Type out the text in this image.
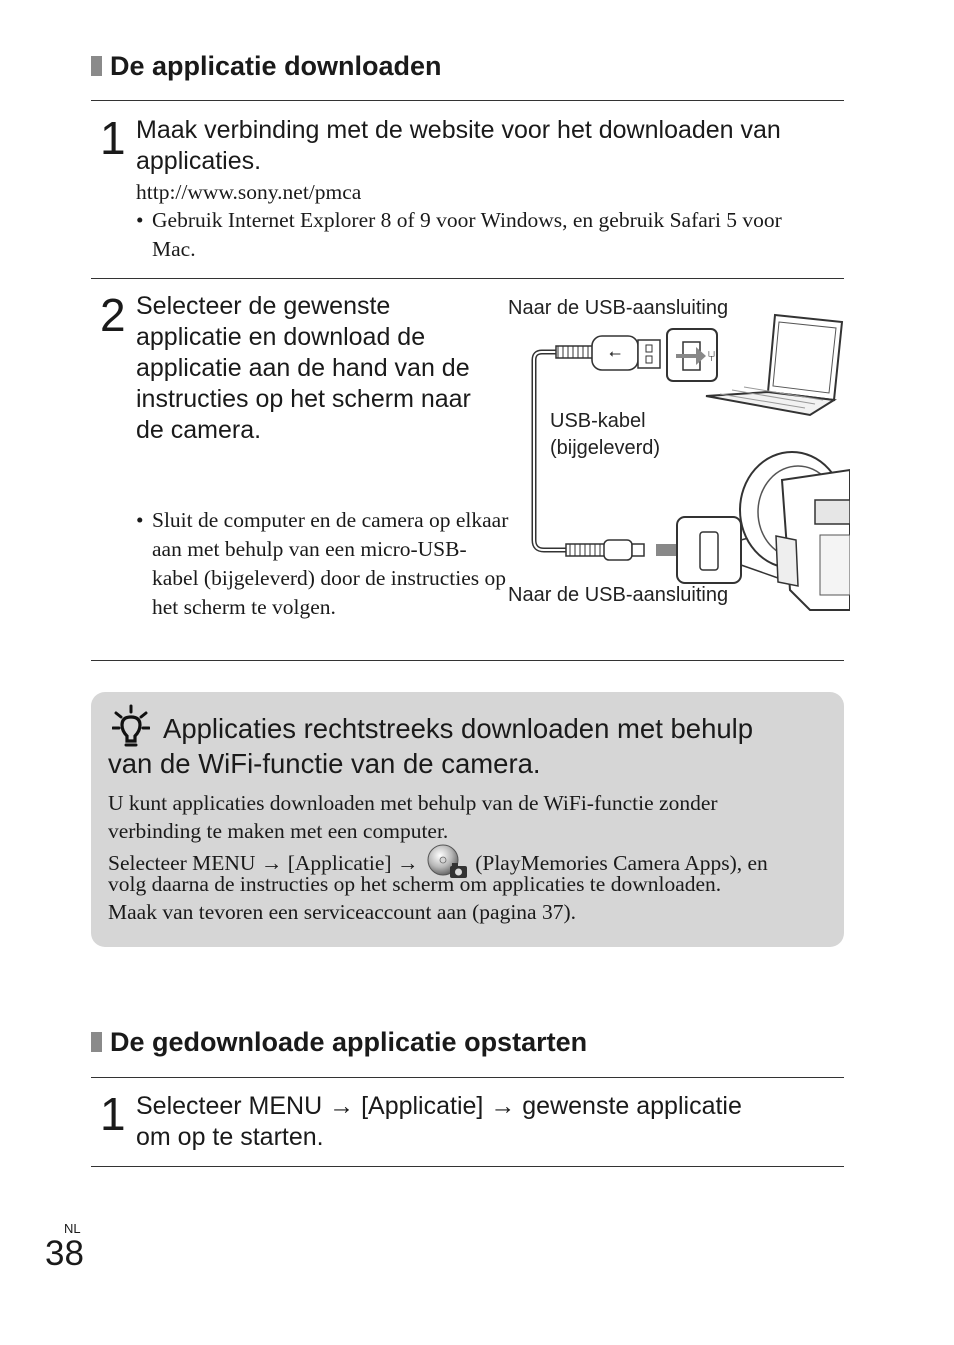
De applicatie downloaden
1 Maak verbinding met de website voor het downloaden van applicaties.
http://www.sony.net/pmca
• Gebruik Internet Explorer 8 of 9 voor Windows, en gebruik Safari 5 voor Mac.
2 Selecteer de gewenste applicatie en download de applicatie aan de hand van de instructies op het scherm naar de camera.
• Sluit de computer en de camera op elkaar aan met behulp van een micro-USB-kabel (bijgeleverd) door de instructies op het scherm te volgen.
Naar de USB-aansluiting
USB-kabel
(bijgeleverd)
Naar de USB-aansluiting
⭠	⑂
Applicaties rechtstreeks downloaden met behulp
van de WiFi-functie van de camera.
U kunt applicaties downloaden met behulp van de WiFi-functie zonder verbinding te maken met een computer.
Selecteer MENU → [Applicatie] →	(PlayMemories Camera Apps), en
volg daarna de instructies op het scherm om applicaties te downloaden.
Maak van tevoren een serviceaccount aan (pagina 37).
De gedownloade applicatie opstarten
1 Selecteer MENU → [Applicatie] → gewenste applicatie
om op te starten.
NL
38
